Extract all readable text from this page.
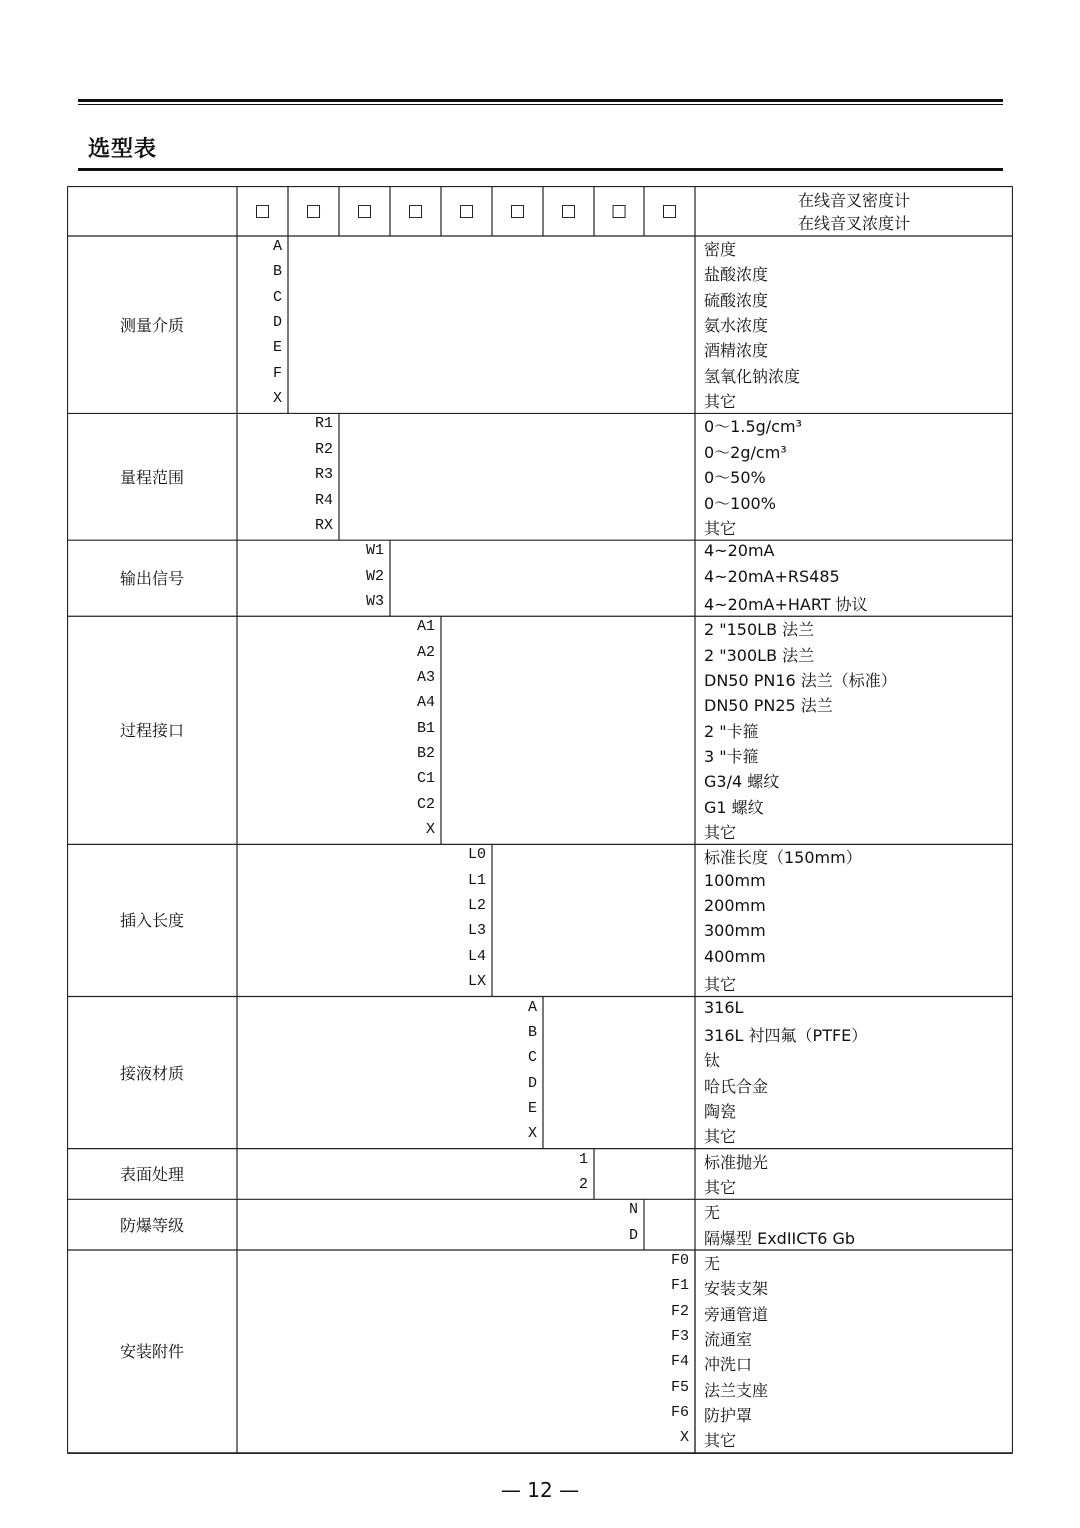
选型表
□	□	□	□	□	□	□	□	□
在线音叉密度计
在线音叉浓度计
测量介质
A	密度
B	盐酸浓度
C	硫酸浓度
D	氨水浓度
E	酒精浓度
F	氢氧化钠浓度
X	其它
量程范围
R1	0～1.5g/cm³
R2	0～2g/cm³
R3	0～50%
R4	0～100%
RX	其它
输出信号
W1	4~20mA
W2	4~20mA+RS485
W3	4~20mA+HART 协议
过程接口
A1	2 "150LB 法兰
A2	2 "300LB 法兰
A3	DN50 PN16 法兰（标准）
A4	DN50 PN25 法兰
B1	2 "卡箍
B2	3 "卡箍
C1	G3/4 螺纹
C2	G1 螺纹
X	其它
插入长度
L0	标准长度（150mm）
L1	100mm
L2	200mm
L3	300mm
L4	400mm
LX	其它
接液材质
A	316L
B	316L 衬四氟（PTFE）
C	钛
D	哈氏合金
E	陶瓷
X	其它
表面处理
1	标准抛光
2	其它
防爆等级
N	无
D	隔爆型 ExdIICT6 Gb
安装附件
F0 无
F1 安装支架
F2 旁通管道
F3 流通室
F4 冲洗口
F5 法兰支座
F6 防护罩
X 其它
— 12 —
